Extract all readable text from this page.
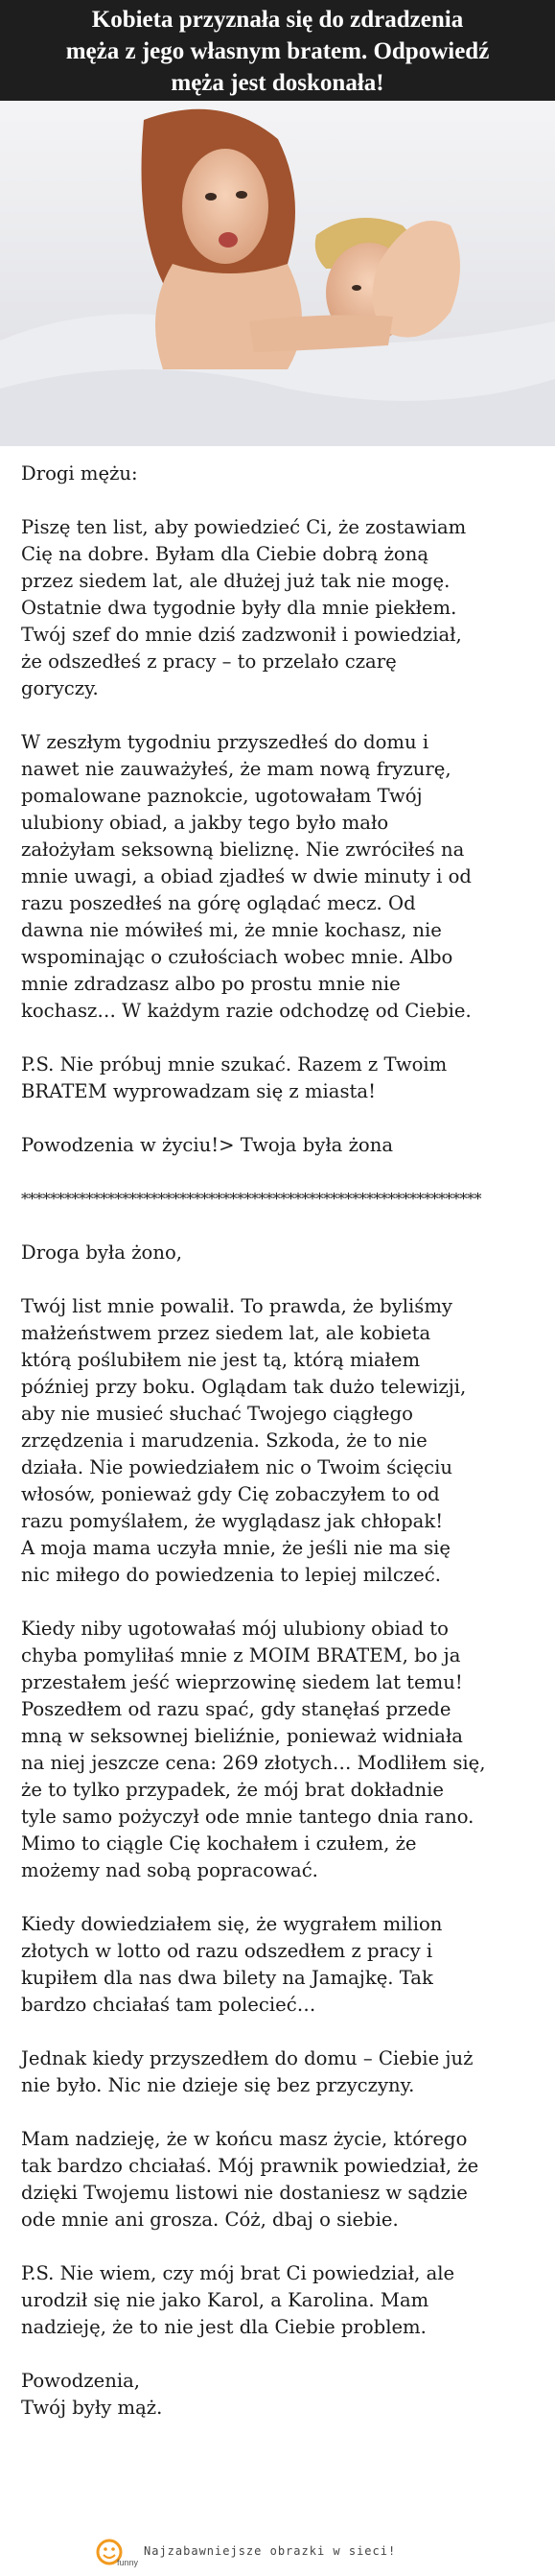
Kobieta przyznała się do zdradzenia
męża z jego własnym bratem. Odpowiedź
męża jest doskonała!

Drogi mężu:

Piszę ten list, aby powiedzieć Ci, że zostawiam
Cię na dobre. Byłam dla Ciebie dobrą żoną
przez siedem lat, ale dłużej już tak nie mogę.
Ostatnie dwa tygodnie były dla mnie piekłem.
Twój szef do mnie dziś zadzwonił i powiedział,
że odszedłeś z pracy – to przelało czarę
goryczy.

W zeszłym tygodniu przyszedłeś do domu i
nawet nie zauważyłeś, że mam nową fryzurę,
pomalowane paznokcie, ugotowałam Twój
ulubiony obiad, a jakby tego było mało
założyłam seksowną bieliznę. Nie zwróciłeś na
mnie uwagi, a obiad zjadłeś w dwie minuty i od
razu poszedłeś na górę oglądać mecz. Od
dawna nie mówiłeś mi, że mnie kochasz, nie
wspominając o czułościach wobec mnie. Albo
mnie zdradzasz albo po prostu mnie nie
kochasz… W każdym razie odchodzę od Ciebie.

P.S. Nie próbuj mnie szukać. Razem z Twoim
BRATEM wyprowadzam się z miasta!

Powodzenia w życiu!> Twoja była żona

****************************************************************

Droga była żono,

Twój list mnie powalił. To prawda, że byliśmy
małżeństwem przez siedem lat, ale kobieta
którą poślubiłem nie jest tą, którą miałem
później przy boku. Oglądam tak dużo telewizji,
aby nie musieć słuchać Twojego ciągłego
zrzędzenia i marudzenia. Szkoda, że to nie
działa. Nie powiedziałem nic o Twoim ścięciu
włosów, ponieważ gdy Cię zobaczyłem to od
razu pomyślałem, że wyglądasz jak chłopak!
A moja mama uczyła mnie, że jeśli nie ma się
nic miłego do powiedzenia to lepiej milczeć.

Kiedy niby ugotowałaś mój ulubiony obiad to
chyba pomyliłaś mnie z MOIM BRATEM, bo ja
przestałem jeść wieprzowinę siedem lat temu!
Poszedłem od razu spać, gdy stanęłaś przede
mną w seksownej bieliźnie, ponieważ widniała
na niej jeszcze cena: 269 złotych… Modliłem się,
że to tylko przypadek, że mój brat dokładnie
tyle samo pożyczył ode mnie tantego dnia rano.
Mimo to ciągle Cię kochałem i czułem, że
możemy nad sobą popracować.

Kiedy dowiedziałem się, że wygrałem milion
złotych w lotto od razu odszedłem z pracy i
kupiłem dla nas dwa bilety na Jamajkę. Tak
bardzo chciałaś tam polecieć…

Jednak kiedy przyszedłem do domu – Ciebie już
nie było. Nic nie dzieje się bez przyczyny.

Mam nadzieję, że w końcu masz życie, którego
tak bardzo chciałaś. Mój prawnik powiedział, że
dzięki Twojemu listowi nie dostaniesz w sądzie
ode mnie ani grosza. Cóż, dbaj o siebie.

P.S. Nie wiem, czy mój brat Ci powiedział, ale
urodził się nie jako Karol, a Karolina. Mam
nadzieję, że to nie jest dla Ciebie problem.

Powodzenia,
Twój były mąż.

funny
Najzabawniejsze obrazki w sieci!
